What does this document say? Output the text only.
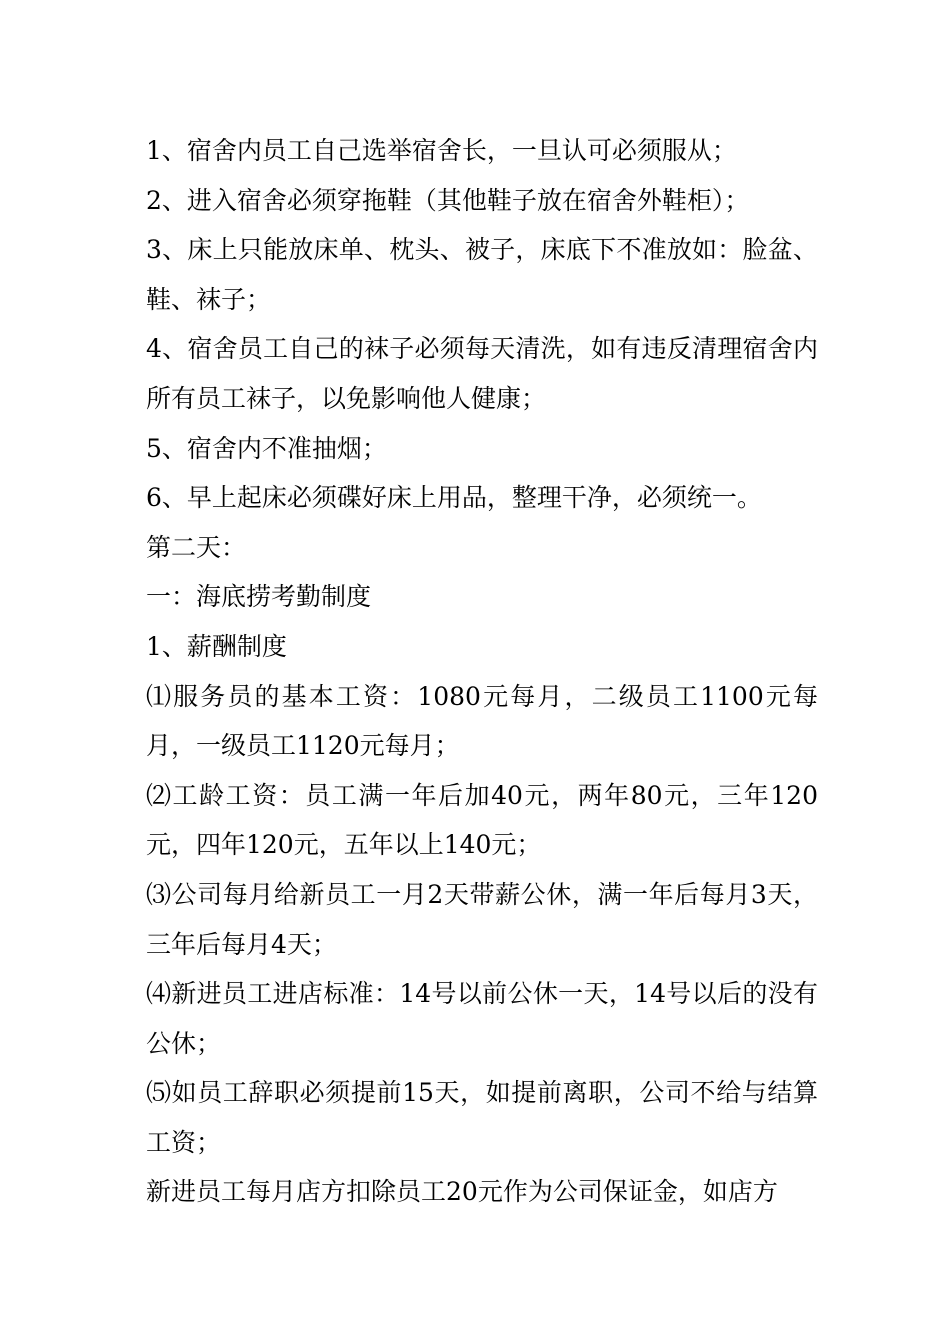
1、宿舍内员工自己选举宿舍长，一旦认可必须服从；

2、进入宿舍必须穿拖鞋（其他鞋子放在宿舍外鞋柜）；

3、床上只能放床单、枕头、被子，床底下不准放如：脸盆、鞋、袜子；

4、宿舍员工自己的袜子必须每天清洗，如有违反清理宿舍内所有员工袜子，以免影响他人健康；

5、宿舍内不准抽烟；

6、早上起床必须碟好床上用品，整理干净，必须统一。

第二天：

一：海底捞考勤制度

1、薪酬制度

⑴服务员的基本工资：1080元每月，二级员工1100元每月，一级员工1120元每月；

⑵工龄工资：员工满一年后加40元，两年80元，三年120元，四年120元，五年以上140元；

⑶公司每月给新员工一月2天带薪公休，满一年后每月3天，三年后每月4天；

⑷新进员工进店标准：14号以前公休一天，14号以后的没有公休；

⑸如员工辞职必须提前15天，如提前离职，公司不给与结算工资；

新进员工每月店方扣除员工20元作为公司保证金，如店方
